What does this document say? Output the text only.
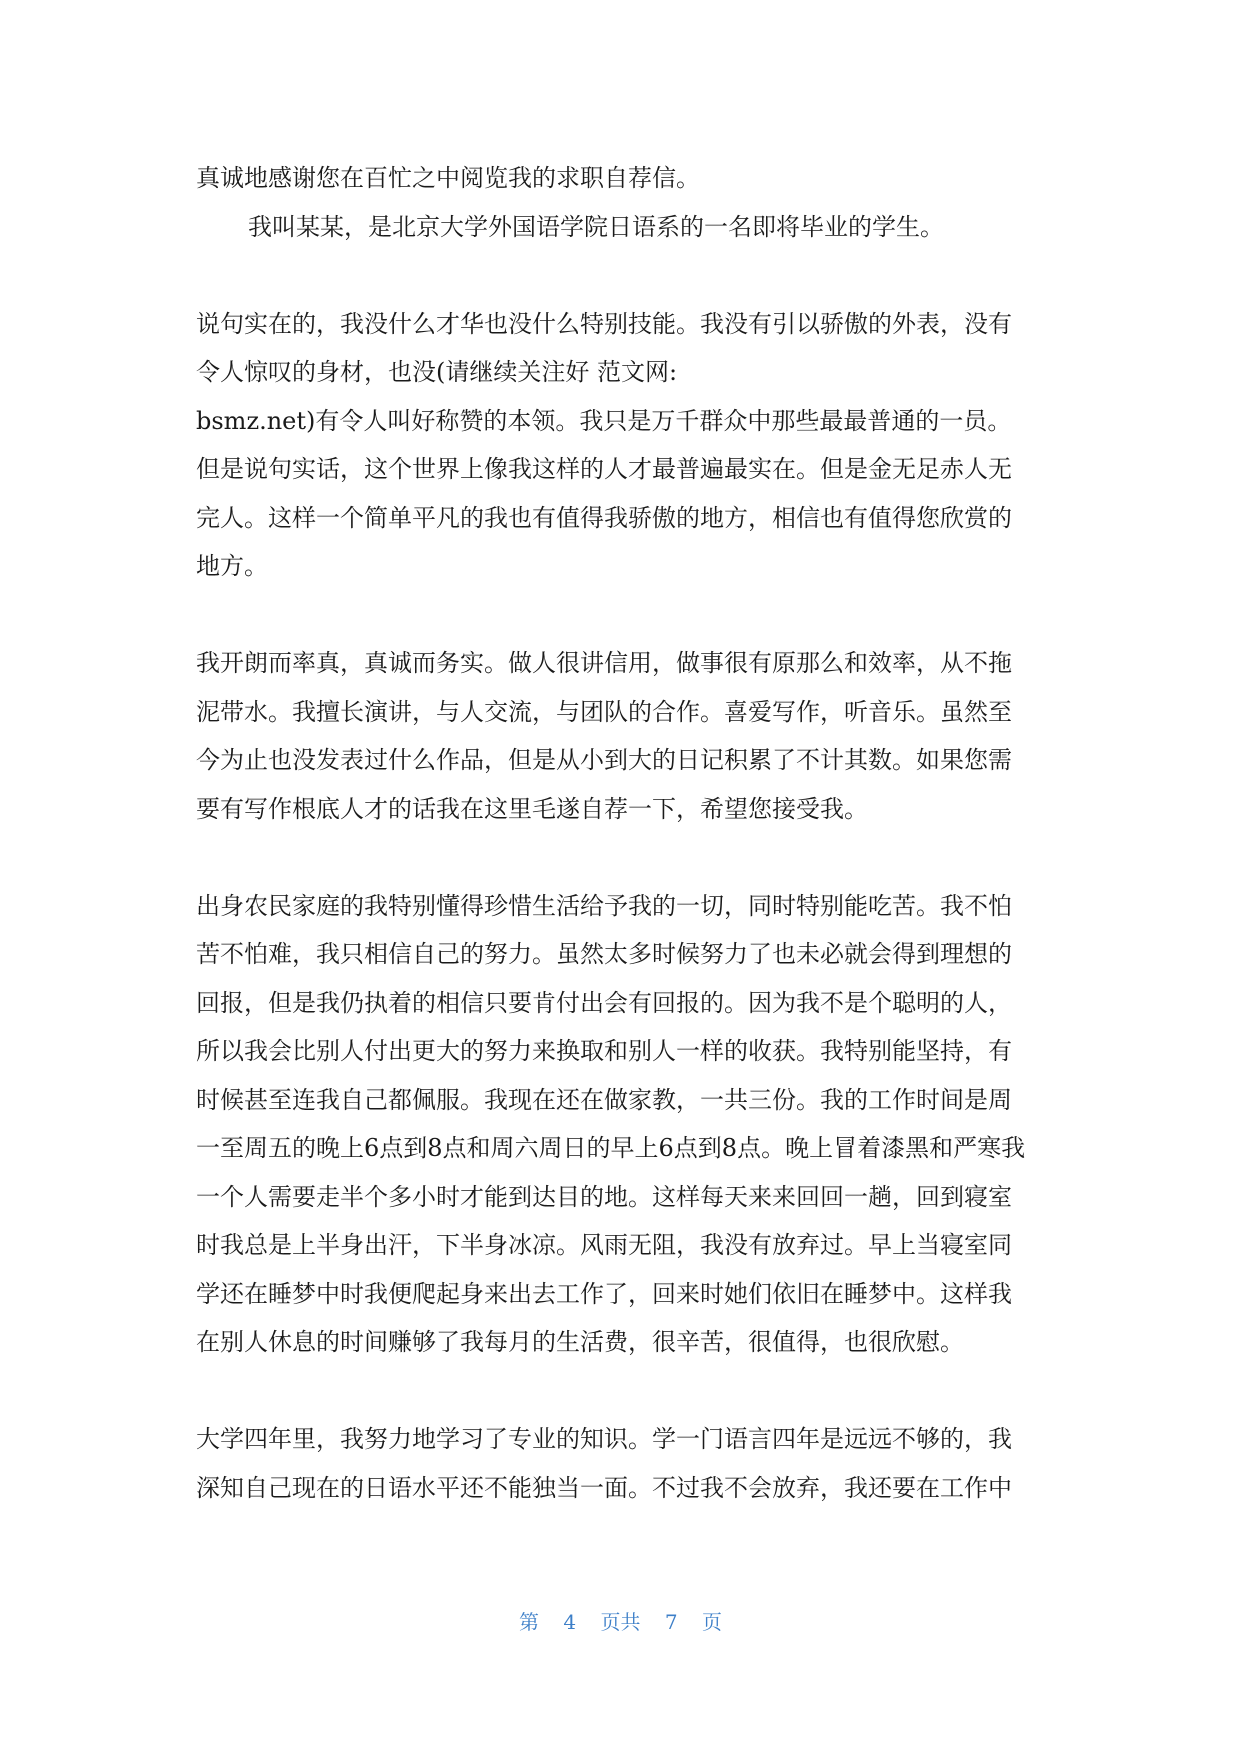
真诚地感谢您在百忙之中阅览我的求职自荐信。

我叫某某，是北京大学外国语学院日语系的一名即将毕业的学生。

说句实在的，我没什么才华也没什么特别技能。我没有引以骄傲的外表，没有

令人惊叹的身材，也没(请继续关注好 范文网:

bsmz.net)有令人叫好称赞的本领。我只是万千群众中那些最最普通的一员。

但是说句实话，这个世界上像我这样的人才最普遍最实在。但是金无足赤人无

完人。这样一个简单平凡的我也有值得我骄傲的地方，相信也有值得您欣赏的

地方。

我开朗而率真，真诚而务实。做人很讲信用，做事很有原那么和效率，从不拖

泥带水。我擅长演讲，与人交流，与团队的合作。喜爱写作，听音乐。虽然至

今为止也没发表过什么作品，但是从小到大的日记积累了不计其数。如果您需

要有写作根底人才的话我在这里毛遂自荐一下，希望您接受我。

出身农民家庭的我特别懂得珍惜生活给予我的一切，同时特别能吃苦。我不怕

苦不怕难，我只相信自己的努力。虽然太多时候努力了也未必就会得到理想的

回报，但是我仍执着的相信只要肯付出会有回报的。因为我不是个聪明的人，

所以我会比别人付出更大的努力来换取和别人一样的收获。我特别能坚持，有

时候甚至连我自己都佩服。我现在还在做家教，一共三份。我的工作时间是周

一至周五的晚上6点到8点和周六周日的早上6点到8点。晚上冒着漆黑和严寒我

一个人需要走半个多小时才能到达目的地。这样每天来来回回一趟，回到寝室

时我总是上半身出汗，下半身冰凉。风雨无阻，我没有放弃过。早上当寝室同

学还在睡梦中时我便爬起身来出去工作了，回来时她们依旧在睡梦中。这样我

在别人休息的时间赚够了我每月的生活费，很辛苦，很值得，也很欣慰。

大学四年里，我努力地学习了专业的知识。学一门语言四年是远远不够的，我

深知自己现在的日语水平还不能独当一面。不过我不会放弃，我还要在工作中

第 4 页共 7 页
